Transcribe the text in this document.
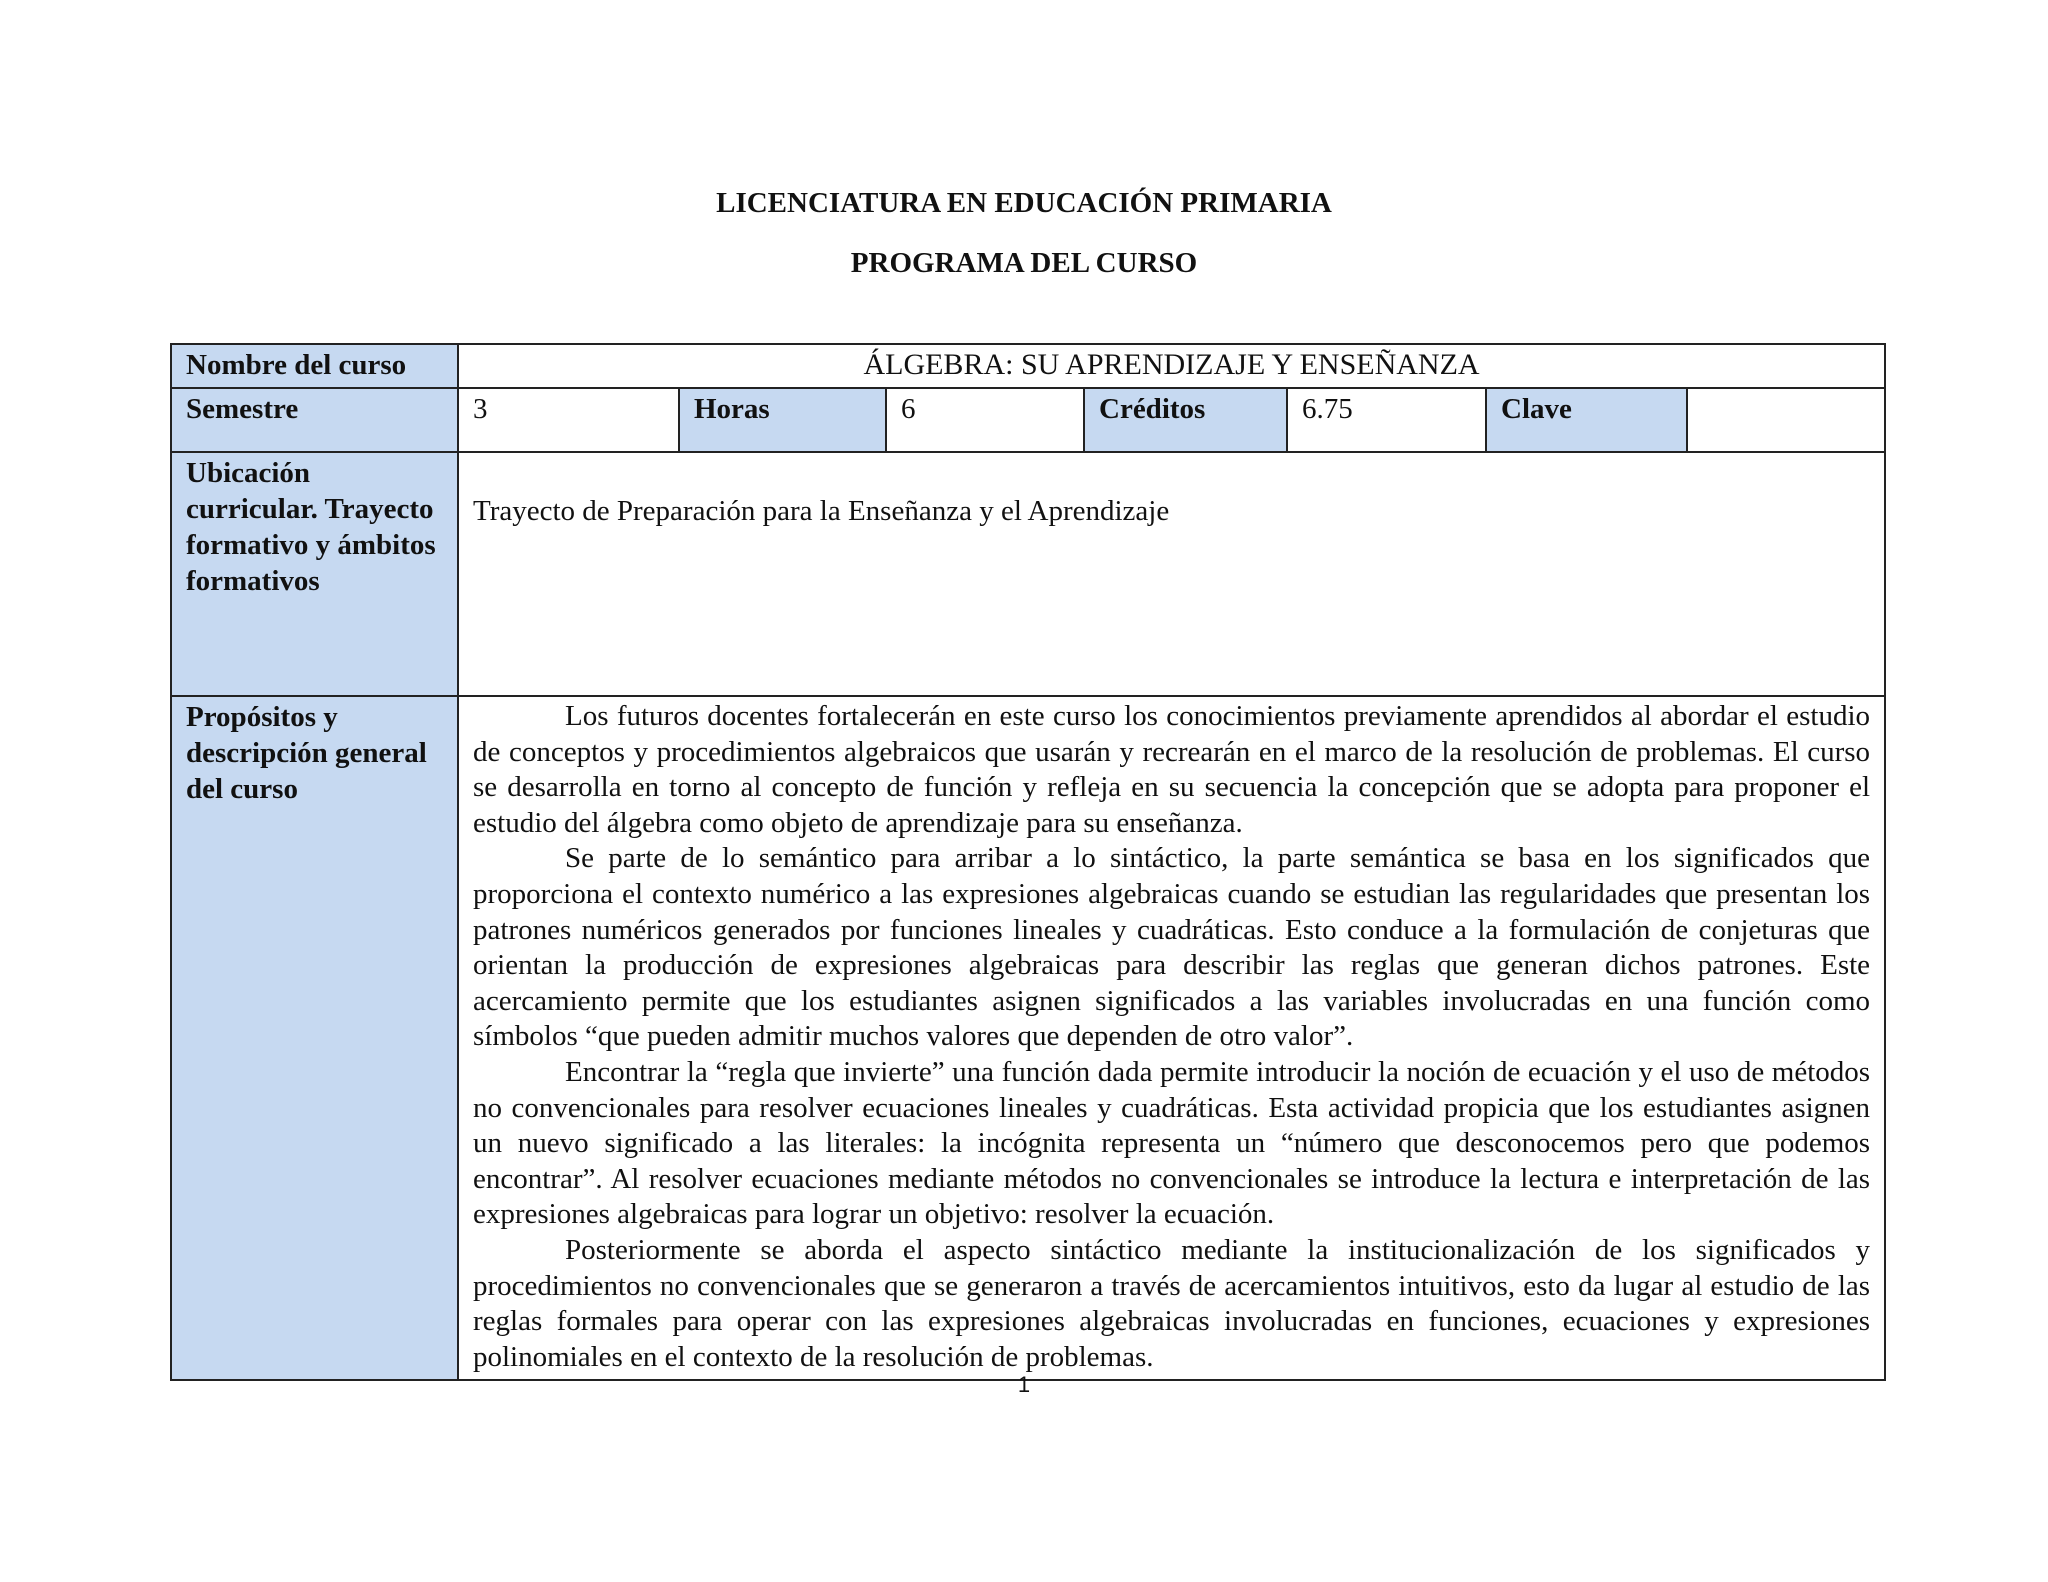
LICENCIATURA EN EDUCACIÓN PRIMARIA
PROGRAMA DEL CURSO
Nombre del curso	ÁLGEBRA: SU APRENDIZAJE Y ENSEÑANZA						
Semestre	3	Horas	6	Créditos	6.75	Clave	
Ubicación curricular. Trayecto formativo y ámbitos formativos	Trayecto de Preparación para la Enseñanza y el Aprendizaje						

Propósitos y descripción general del curso	Los futuros docentes fortalecerán en este curso los conocimientos previamente aprendidos al abordar el estudio de conceptos y procedimientos algebraicos que usarán y recrearán en el marco de la resolución de problemas. El curso se desarrolla en torno al concepto de función y refleja en su secuencia la concepción que se adopta para proponer el estudio del álgebra como objeto de aprendizaje para su enseñanza.

Se parte de lo semántico para arribar a lo sintáctico, la parte semántica se basa en los significados que proporciona el contexto numérico a las expresiones algebraicas cuando se estudian las regularidades que presentan los patrones numéricos generados por funciones lineales y cuadráticas. Esto conduce a la formulación de conjeturas que orientan la producción de expresiones algebraicas para describir las reglas que generan dichos patrones. Este acercamiento permite que los estudiantes asignen significados a las variables involucradas en una función como símbolos “que pueden admitir muchos valores que dependen de otro valor”.

Encontrar la “regla que invierte” una función dada permite introducir la noción de ecuación y el uso de métodos no convencionales para resolver ecuaciones lineales y cuadráticas. Esta actividad propicia que los estudiantes asignen un nuevo significado a las literales: la incógnita representa un “número que desconocemos pero que podemos encontrar”. Al resolver ecuaciones mediante métodos no convencionales se introduce la lectura e interpretación de las expresiones algebraicas para lograr un objetivo: resolver la ecuación.

Posteriormente se aborda el aspecto sintáctico mediante la institucionalización de los significados y procedimientos no convencionales que se generaron a través de acercamientos intuitivos, esto da lugar al estudio de las reglas formales para operar con las expresiones algebraicas involucradas en funciones, ecuaciones y expresiones polinomiales en el contexto de la resolución de problemas.						

1
